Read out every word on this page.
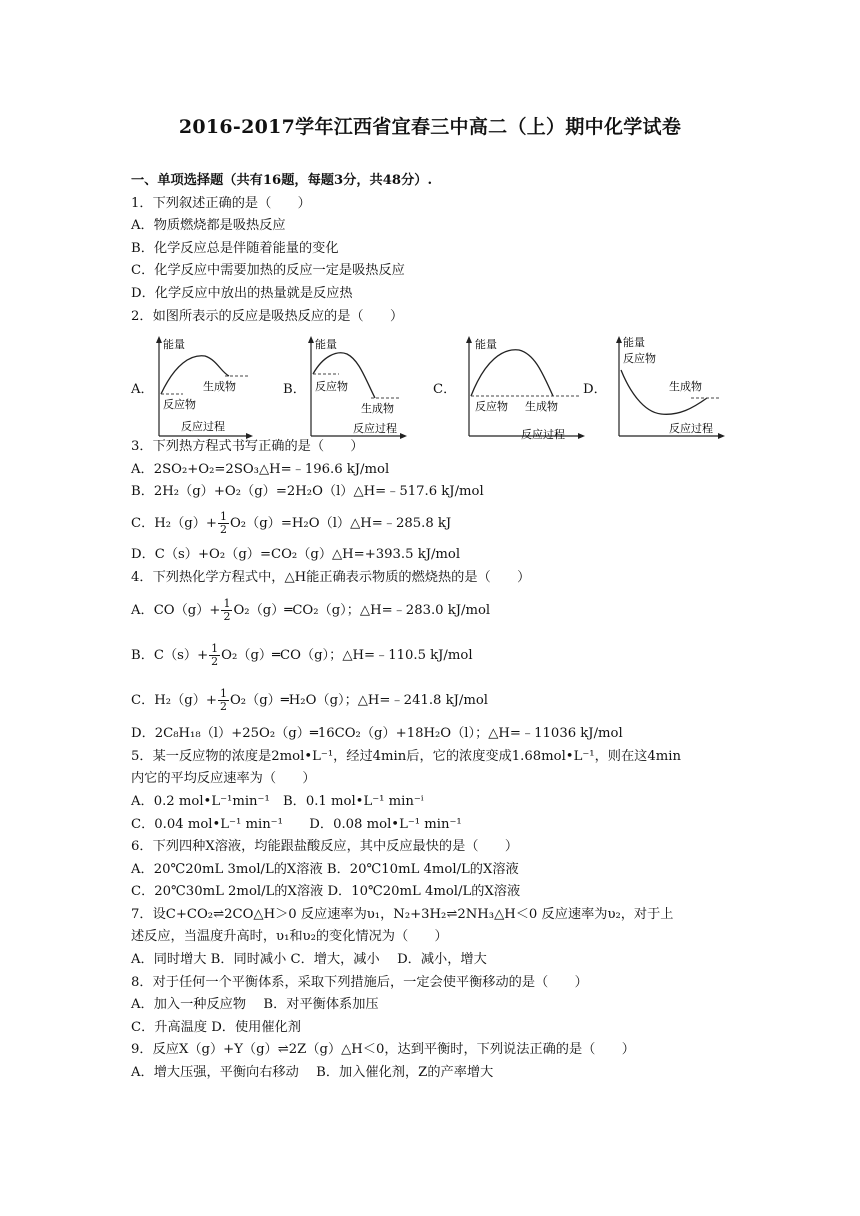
2016-2017学年江西省宜春三中高二（上）期中化学试卷
一、单项选择题（共有16题，每题3分，共48分）.
1．下列叙述正确的是（　　）
A．物质燃烧都是吸热反应
B．化学反应总是伴随着能量的变化
C．化学反应中需要加热的反应一定是吸热反应
D．化学反应中放出的热量就是反应热
2．如图所表示的反应是吸热反应的是（　　）
3．下列热方程式书写正确的是（　　）
A．2SO₂+O₂=2SO₃△H=﹣196.6 kJ/mol
B．2H₂（g）+O₂（g）=2H₂O（l）△H=﹣517.6 kJ/mol
C．$H_2(g)+ \frac{1}{2}$ O₂（g）=H₂O（l）△H=﹣285.8 kJ
D．C（s）+O₂（g）=CO₂（g）△H=+393.5 kJ/mol
4．下列热化学方程式中，△H能正确表示物质的燃烧热的是（　　）
A．$CO(g)+ \frac{1}{2}$ O₂（g）═CO₂（g）；△H=﹣283.0 kJ/mol
B．$C(s)+ \frac{1}{2}$ O₂（g）═CO（g）；△H=﹣110.5 kJ/mol
C．$H_2(g)+ \frac{1}{2}$ O₂（g）═H₂O（g）；△H=﹣241.8 kJ/mol
D．2C₈H₁₈（l）+25O₂（g）═16CO₂（g）+18H₂O（l）；△H=﹣11036 kJ/mol
5．某一反应物的浓度是2mol•L⁻¹，经过4min后，它的浓度变成1.68mol•L⁻¹，则在这4min
内它的平均反应速率为（　　）
A．0.2 mol•L⁻¹min⁻¹　B．0.1 mol•L⁻¹ min⁻ⁱ
C．0.04 mol•L⁻¹ min⁻¹　　D．0.08 mol•L⁻¹ min⁻¹
6．下列四种X溶液，均能跟盐酸反应，其中反应最快的是（　　）
A．20℃20mL 3mol/L的X溶液 B．20℃10mL 4mol/L的X溶液
C．20℃30mL 2mol/L的X溶液 D．10℃20mL 4mol/L的X溶液
7．设C+CO₂⇌2CO△H＞0 反应速率为υ₁，N₂+3H₂⇌2NH₃△H＜0 反应速率为υ₂，对于上
述反应，当温度升高时，υ₁和υ₂的变化情况为（　　）
A．同时增大 B．同时减小 C．增大，减小　 D．减小，增大
8．对于任何一个平衡体系，采取下列措施后，一定会使平衡移动的是（　　）
A．加入一种反应物　 B．对平衡体系加压
C．升高温度 D．使用催化剂
9．反应X（g）+Y（g）⇌2Z（g）△H＜0，达到平衡时，下列说法正确的是（　　）
A．增大压强，平衡向右移动　 B．加入催化剂，Z的产率增大
A．
能量
生成物
反应物
反应过程
B．
能量
反应物
生成物
反应过程
C．
能量
反应物 生成物
反应过程
D．
能量
反应物
生成物
反应过程
